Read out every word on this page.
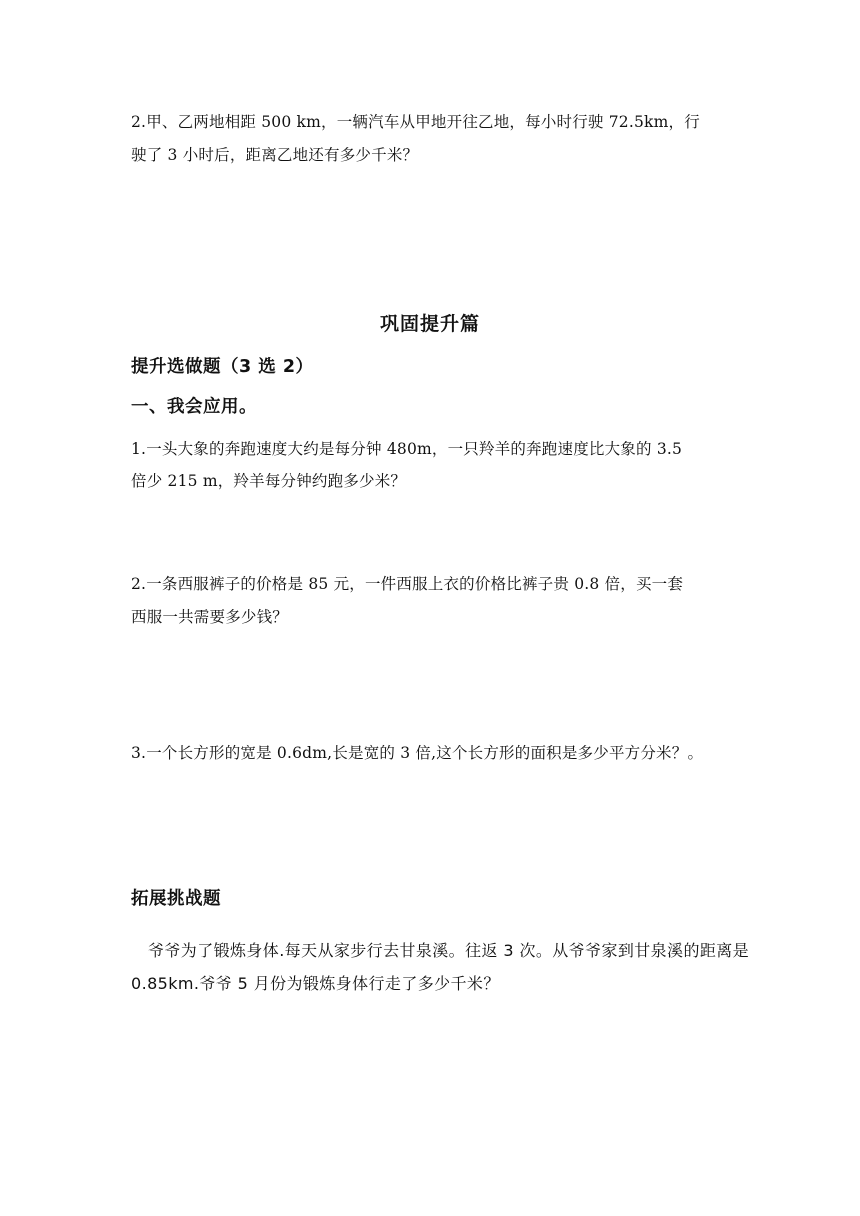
2.甲、乙两地相距 500 km，一辆汽车从甲地开往乙地，每小时行驶 72.5km，行
驶了 3 小时后，距离乙地还有多少千米？
巩固提升篇
提升选做题（3 选 2）
一、我会应用。
1.一头大象的奔跑速度大约是每分钟 480m，一只羚羊的奔跑速度比大象的 3.5
倍少 215 m，羚羊每分钟约跑多少米？
2.一条西服裤子的价格是 85 元，一件西服上衣的价格比裤子贵 0.8 倍，买一套
西服一共需要多少钱？
3.一个长方形的宽是 0.6dm,长是宽的 3 倍,这个长方形的面积是多少平方分米？。
拓展挑战题
爷爷为了锻炼身体.每天从家步行去甘泉溪。往返 3 次。从爷爷家到甘泉溪的距离是
0.85km.爷爷 5 月份为锻炼身体行走了多少千米？
